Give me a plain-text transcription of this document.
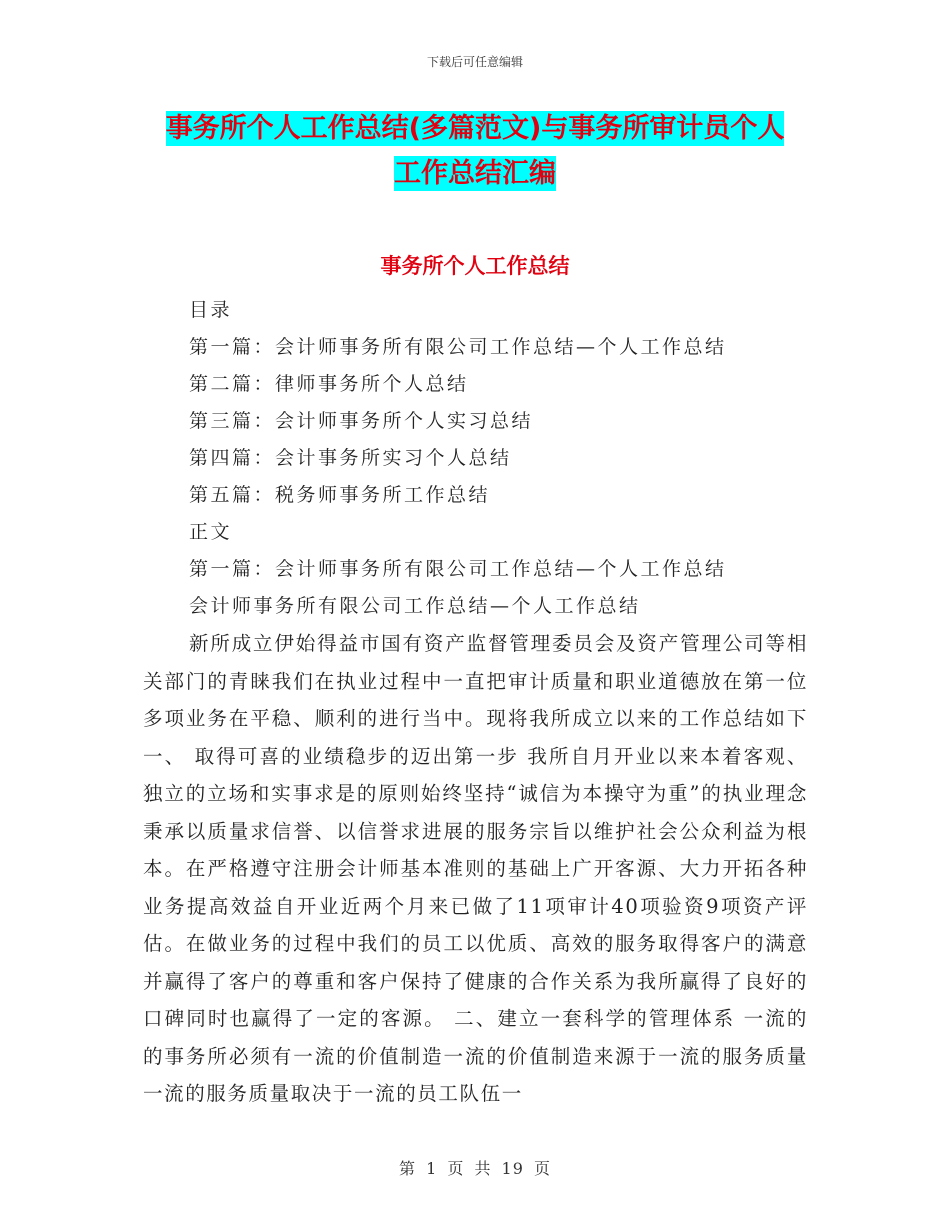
下载后可任意编辑
事务所个人工作总结(多篇范文)与事务所审计员个人
工作总结汇编
事务所个人工作总结
目录
第一篇：会计师事务所有限公司工作总结—个人工作总结
第二篇：律师事务所个人总结
第三篇：会计师事务所个人实习总结
第四篇：会计事务所实习个人总结
第五篇：税务师事务所工作总结
正文
第一篇：会计师事务所有限公司工作总结—个人工作总结
会计师事务所有限公司工作总结—个人工作总结

新所成立伊始得益市国有资产监督管理委员会及资产管理公司等相关部门的青睐我们在执业过程中一直把审计质量和职业道德放在第一位多项业务在平稳、顺利的进行当中。现将我所成立以来的工作总结如下一、 取得可喜的业绩稳步的迈出第一步 我所自月开业以来本着客观、独立的立场和实事求是的原则始终坚持“诚信为本操守为重”的执业理念秉承以质量求信誉、以信誉求进展的服务宗旨以维护社会公众利益为根本。在严格遵守注册会计师基本准则的基础上广开客源、大力开拓各种业务提高效益自开业近两个月来已做了11项审计40项验资9项资产评估。在做业务的过程中我们的员工以优质、高效的服务取得客户的满意并赢得了客户的尊重和客户保持了健康的合作关系为我所赢得了良好的口碑同时也赢得了一定的客源。 二、建立一套科学的管理体系 一流的的事务所必须有一流的价值制造一流的价值制造来源于一流的服务质量一流的服务质量取决于一流的员工队伍一

第 1 页 共 19 页
